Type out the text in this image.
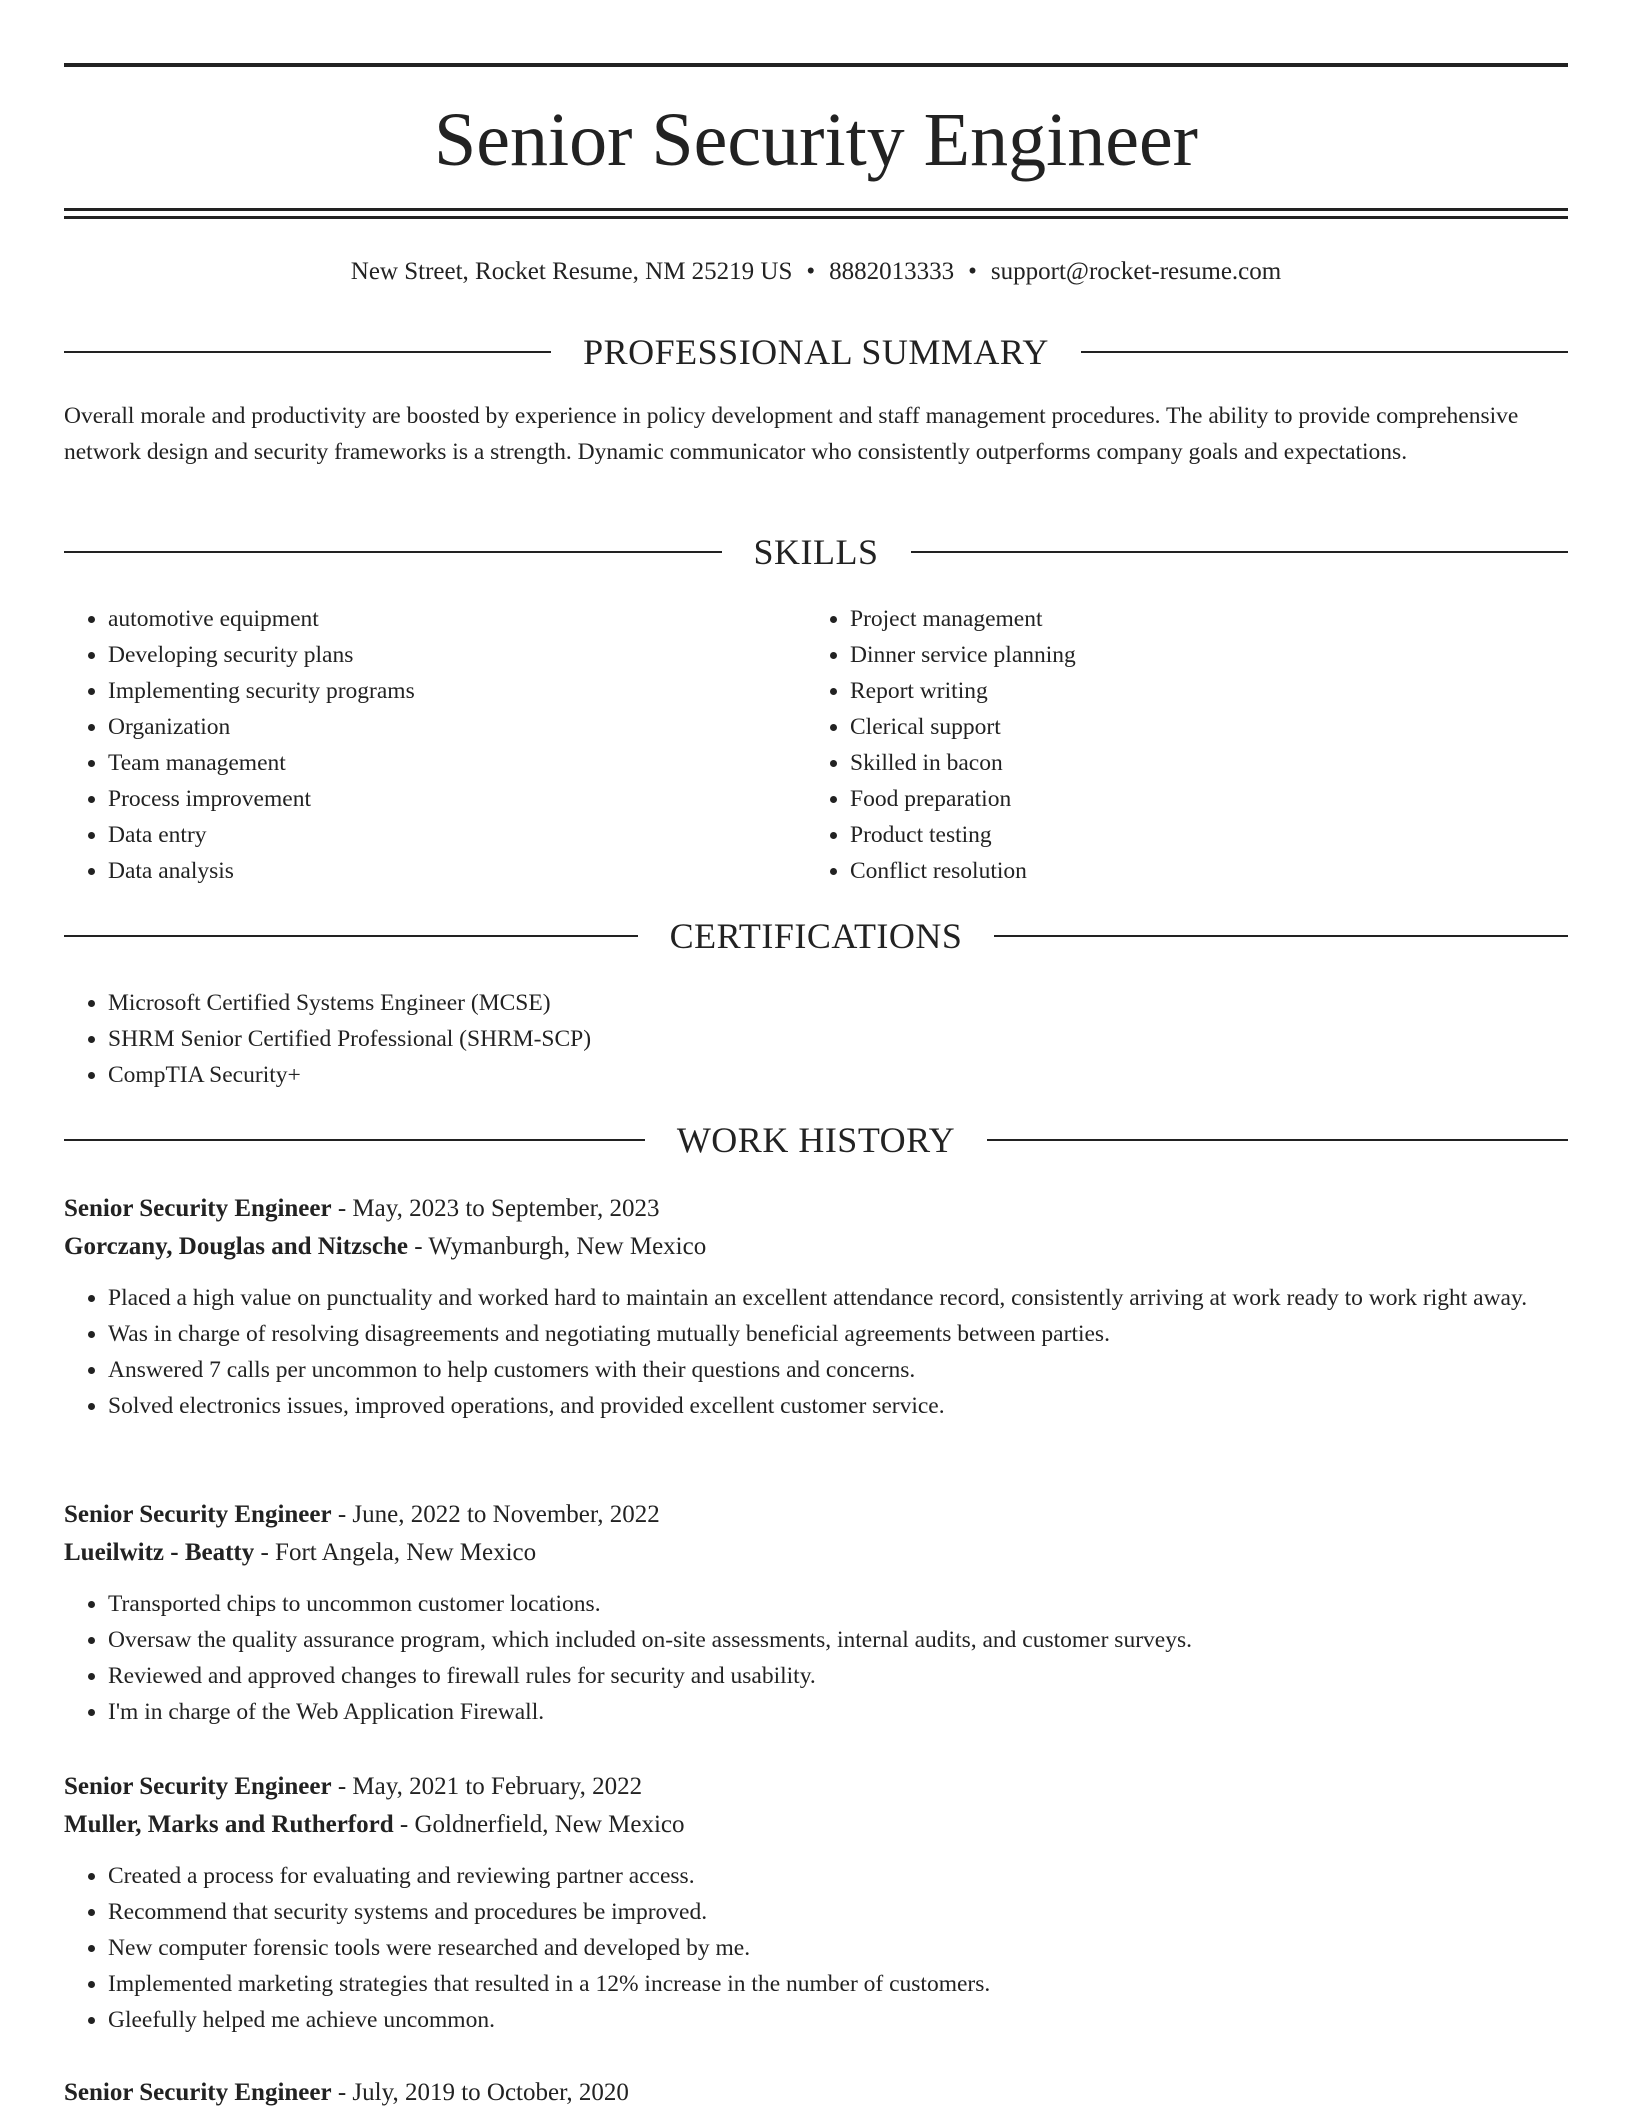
Senior Security Engineer
New Street, Rocket Resume, NM 25219 US • 8882013333 • support@rocket-resume.com
PROFESSIONAL SUMMARY

Overall morale and productivity are boosted by experience in policy development and staff management procedures. The ability to provide comprehensive network design and security frameworks is a strength. Dynamic communicator who consistently outperforms company goals and expectations.

SKILLS
• automotive equipment
• Developing security plans
• Implementing security programs
• Organization
• Team management
• Process improvement
• Data entry
• Data analysis
• Project management
• Dinner service planning
• Report writing
• Clerical support
• Skilled in bacon
• Food preparation
• Product testing
• Conflict resolution
CERTIFICATIONS
• Microsoft Certified Systems Engineer (MCSE)
• SHRM Senior Certified Professional (SHRM-SCP)
• CompTIA Security+
WORK HISTORY
Senior Security Engineer - May, 2023 to September, 2023
Gorczany, Douglas and Nitzsche - Wymanburgh, New Mexico
• Placed a high value on punctuality and worked hard to maintain an excellent attendance record, consistently arriving at work ready to work right away.
• Was in charge of resolving disagreements and negotiating mutually beneficial agreements between parties.
• Answered 7 calls per uncommon to help customers with their questions and concerns.
• Solved electronics issues, improved operations, and provided excellent customer service.
Senior Security Engineer - June, 2022 to November, 2022
Lueilwitz - Beatty - Fort Angela, New Mexico
• Transported chips to uncommon customer locations.
• Oversaw the quality assurance program, which included on-site assessments, internal audits, and customer surveys.
• Reviewed and approved changes to firewall rules for security and usability.
• I'm in charge of the Web Application Firewall.
Senior Security Engineer - May, 2021 to February, 2022
Muller, Marks and Rutherford - Goldnerfield, New Mexico
• Created a process for evaluating and reviewing partner access.
• Recommend that security systems and procedures be improved.
• New computer forensic tools were researched and developed by me.
• Implemented marketing strategies that resulted in a 12% increase in the number of customers.
• Gleefully helped me achieve uncommon.
Senior Security Engineer - July, 2019 to October, 2020
